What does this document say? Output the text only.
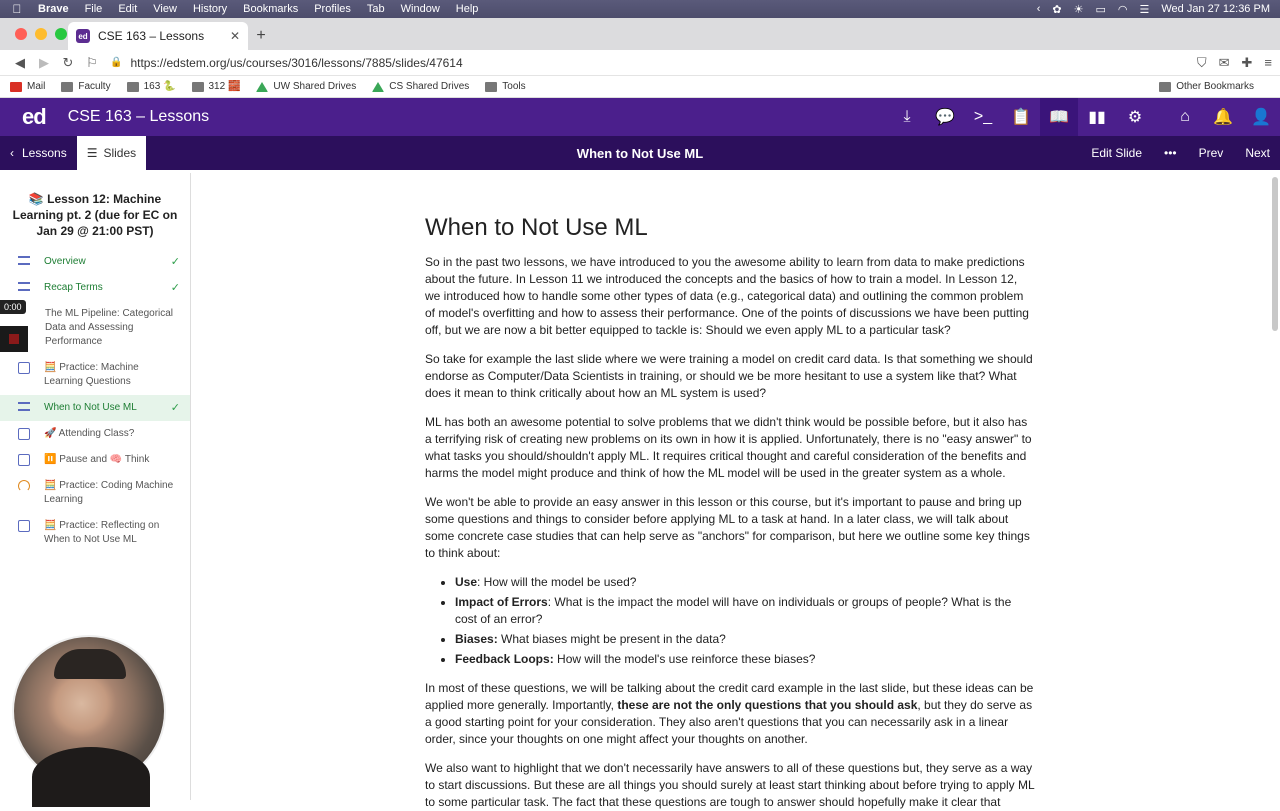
Brave File Edit View History Bookmarks Profiles Tab Window Help	‹ ✿ ☀ ▭ ◠ ☰ Wed Jan 27 12:36 PM
ed CSE 163 – Lessons ✕	+
◀	▶	↻ ⚐	🔒 https://edstem.org/us/courses/3016/lessons/7885/slides/47614	⛉ ✉ ✚ ≡
Mail	Faculty	163 🐍	312 🧱	UW Shared Drives	CS Shared Drives	Tools	Other Bookmarks
ed CSE 163 – Lessons	⤓	💬	>_	📋	📖	▮▮	⚙	⌂	🔔	👤
‹ Lessons ☰ Slides	When to Not Use ML	Edit Slide ••• Prev Next
📚 Lesson 12: Machine Learning pt. 2 (due for EC on Jan 29 @ 21:00 PST)
Overview	✓
Recap Terms	✓
The ML Pipeline: Categorical Data and Assessing Performance
🧮 Practice: Machine Learning Questions
When to Not Use ML	✓
🚀 Attending Class?
⏸️ Pause and 🧠 Think
🧮 Practice: Coding Machine Learning
🧮 Practice: Reflecting on When to Not Use ML
0:00
When to Not Use ML

So in the past two lessons, we have introduced to you the awesome ability to learn from data to make predictions about the future. In Lesson 11 we introduced the concepts and the basics of how to train a model. In Lesson 12, we introduced how to handle some other types of data (e.g., categorical data) and outlining the common problem of model's overfitting and how to assess their performance. One of the points of discussions we have been putting off, but we are now a bit better equipped to tackle is: Should we even apply ML to a particular task?

So take for example the last slide where we were training a model on credit card data. Is that something we should endorse as Computer/Data Scientists in training, or should we be more hesitant to use a system like that? What does it mean to think critically about how an ML system is used?

ML has both an awesome potential to solve problems that we didn't think would be possible before, but it also has a terrifying risk of creating new problems on its own in how it is applied. Unfortunately, there is no "easy answer" to what tasks you should/shouldn't apply ML. It requires critical thought and careful consideration of the benefits and harms the model might produce and think of how the ML model will be used in the greater system as a whole.

We won't be able to provide an easy answer in this lesson or this course, but it's important to pause and bring up some questions and things to consider before applying ML to a task at hand. In a later class, we will talk about some concrete case studies that can help serve as "anchors" for comparison, but here we outline some key things to think about:

• Use: How will the model be used?
• Impact of Errors: What is the impact the model will have on individuals or groups of people? What is the cost of an error?
• Biases: What biases might be present in the data?
• Feedback Loops: How will the model's use reinforce these biases?

In most of these questions, we will be talking about the credit card example in the last slide, but these ideas can be applied more generally. Importantly, these are not the only questions that you should ask, but they do serve as a good starting point for your consideration. They also aren't questions that you can necessarily ask in a linear order, since your thoughts on one might affect your thoughts on another.

We also want to highlight that we don't necessarily have answers to all of these questions but, they serve as a way to start discussions. But these are all things you should surely at least start thinking about before trying to apply ML to some particular task. The fact that these questions are tough to answer should hopefully make it clear that
